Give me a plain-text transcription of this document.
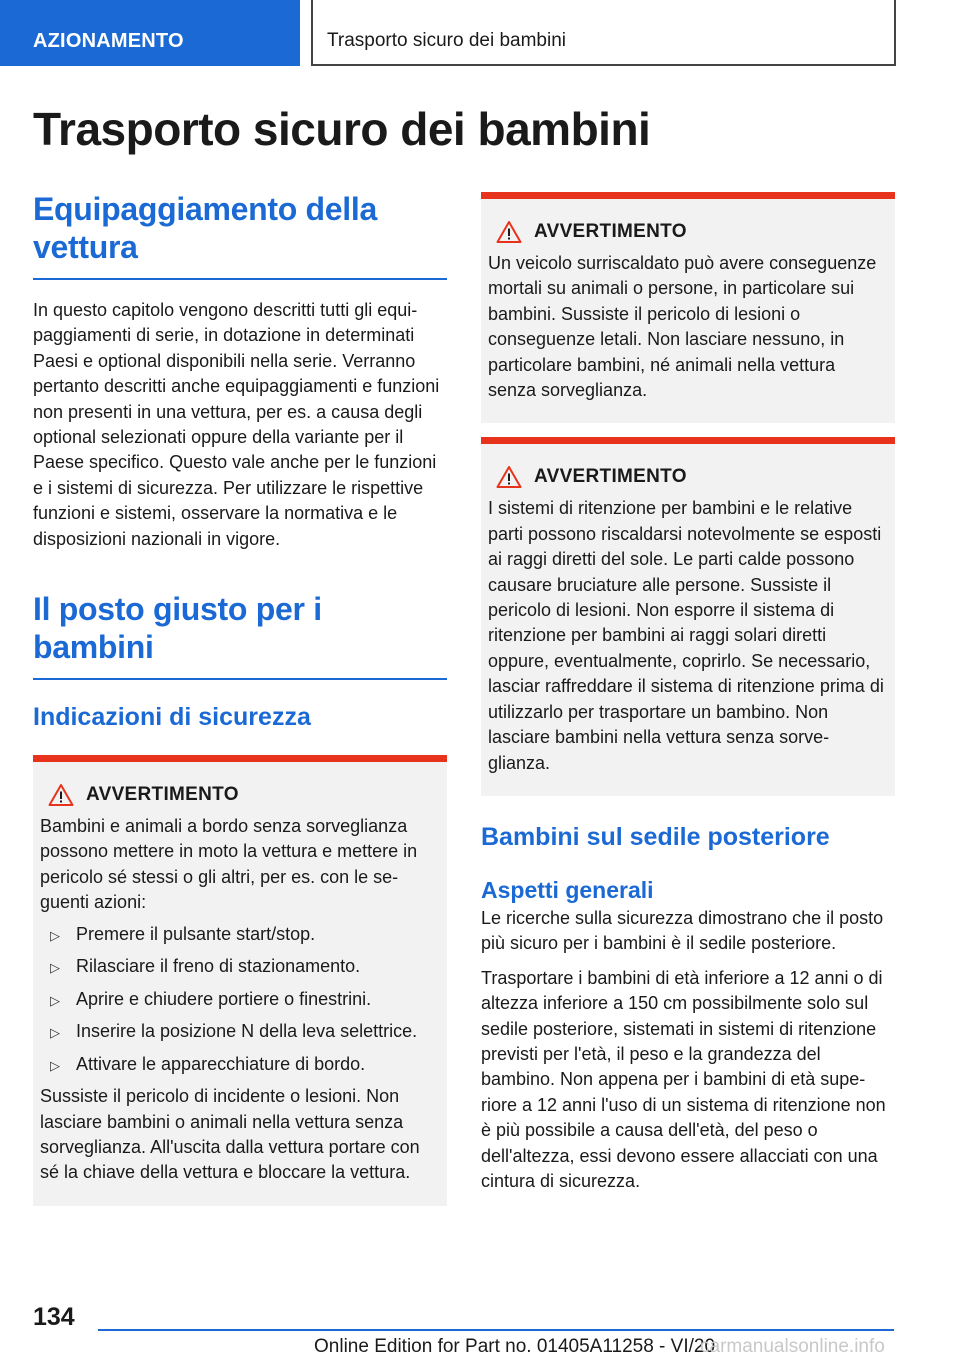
AZIONAMENTO	Trasporto sicuro dei bambini
Trasporto sicuro dei bambini
Equipaggiamento della vettura

In questo capitolo vengono descritti tutti gli equipaggiamenti di serie, in dotazione in determinati Paesi e optional disponibili nella serie. Verranno pertanto descritti anche equipaggiamenti e funzioni non presenti in una vettura, per es. a causa degli optional selezionati oppure della variante per il Paese specifico. Questo vale anche per le funzioni e i sistemi di sicurezza. Per utilizzare le rispettive funzioni e sistemi, osservare la normativa e le disposizioni nazionali in vigore.

Il posto giusto per i bambini
Indicazioni di sicurezza
AVVERTIMENTO

Bambini e animali a bordo senza sorveglianza possono mettere in moto la vettura e mettere in pericolo sé stessi o gli altri, per es. con le seguenti azioni:

▷ Premere il pulsante start/stop.
▷ Rilasciare il freno di stazionamento.
▷ Aprire e chiudere portiere o finestrini.
▷ Inserire la posizione N della leva selettrice.
▷ Attivare le apparecchiature di bordo.

Sussiste il pericolo di incidente o lesioni. Non lasciare bambini o animali nella vettura senza sorveglianza. All'uscita dalla vettura portare con sé la chiave della vettura e bloccare la vettura.

AVVERTIMENTO

Un veicolo surriscaldato può avere conseguenze mortali su animali o persone, in particolare sui bambini. Sussiste il pericolo di lesioni o conseguenze letali. Non lasciare nessuno, in particolare bambini, né animali nella vettura senza sorveglianza.

AVVERTIMENTO

I sistemi di ritenzione per bambini e le relative parti possono riscaldarsi notevolmente se esposti ai raggi diretti del sole. Le parti calde possono causare bruciature alle persone. Sussiste il pericolo di lesioni. Non esporre il sistema di ritenzione per bambini ai raggi solari diretti oppure, eventualmente, coprirlo. Se necessario, lasciar raffreddare il sistema di ritenzione prima di utilizzarlo per trasportare un bambino. Non lasciare bambini nella vettura senza sorveglianza.

Bambini sul sedile posteriore
Aspetti generali

Le ricerche sulla sicurezza dimostrano che il posto più sicuro per i bambini è il sedile posteriore.

Trasportare i bambini di età inferiore a 12 anni o di altezza inferiore a 150 cm possibilmente solo sul sedile posteriore, sistemati in sistemi di ritenzione previsti per l'età, il peso e la grandezza del bambino. Non appena per i bambini di età superiore a 12 anni l'uso di un sistema di ritenzione non è più possibile a causa dell'età, del peso o dell'altezza, essi devono essere allacciati con una cintura di sicurezza.

134
Online Edition for Part no. 01405A11258 - VI/20
carmanualsonline.info
